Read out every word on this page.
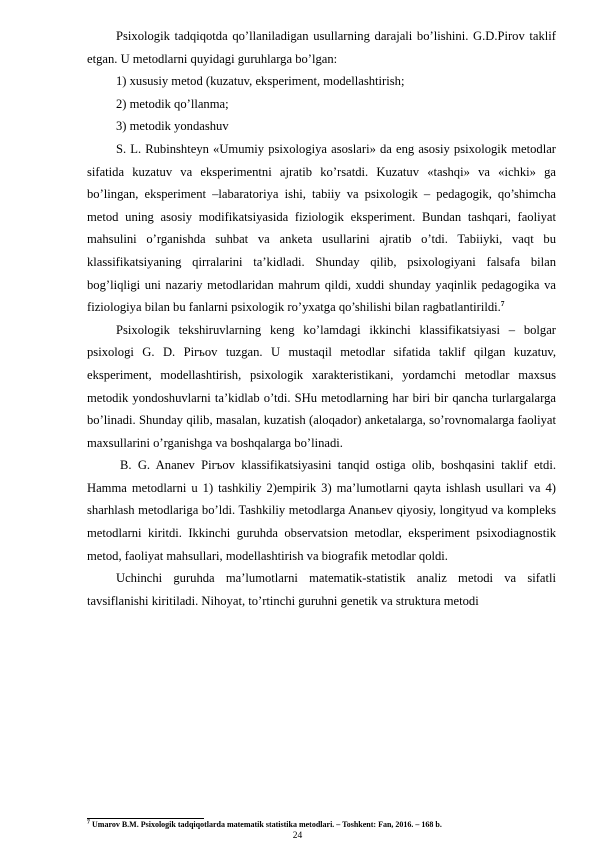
Psixologik tadqiqotda qo’llaniladigan usullarning darajali bo’lishini. G.D.Pirov taklif etgan. U metodlarni quyidagi guruhlarga bo’lgan:

1) xususiy metod (kuzatuv, eksperiment, modellashtirish;

2) metodik qo’llanma;

3) metodik yondashuv

S. L. Rubinshteyn «Umumiy psixologiya asoslari» da eng asosiy psixologik metodlar sifatida kuzatuv va eksperimentni ajratib ko’rsatdi. Kuzatuv «tashqi» va «ichki» ga bo’lingan, eksperiment –labaratoriya ishi, tabiiy va psixologik – pedagogik, qo’shimcha metod uning asosiy modifikatsiyasida fiziologik eksperiment. Bundan tashqari, faoliyat mahsulini o’rganishda suhbat va anketa usullarini ajratib o’tdi. Tabiiyki, vaqt bu klassifikatsiyaning qirralarini ta’kidladi. Shunday qilib, psixologiyani falsafa bilan bog’liqligi uni nazariy metodlaridan mahrum qildi, xuddi shunday yaqinlik pedagogika va fiziologiya bilan bu fanlarni psixologik ro’yxatga qo’shilishi bilan ragbatlantirildi.$^7$

Psixologik tekshiruvlarning keng ko’lamdagi ikkinchi klassifikatsiyasi – bolgar psixologi G. D. Pirъov tuzgan. U mustaqil metodlar sifatida taklif qilgan kuzatuv, eksperiment, modellashtirish, psixologik xarakteristikani, yordamchi metodlar maxsus metodik yondoshuvlarni ta’kidlab o’tdi. SHu metodlarning har biri bir qancha turlargalarga bo’linadi. Shunday qilib, masalan, kuzatish (aloqador) anketalarga, so’rovnomalarga faoliyat maxsullarini o’rganishga va boshqalarga bo’linadi.

B. G. Ananev Pirъov klassifikatsiyasini tanqid ostiga olib, boshqasini taklif etdi. Hamma metodlarni u 1) tashkiliy 2)empirik 3) ma’lumotlarni qayta ishlash usullari va 4) sharhlash metodlariga bo’ldi. Tashkiliy metodlarga Ananьev qiyosiy, longityud va kompleks metodlarni kiritdi. Ikkinchi guruhda observatsion metodlar, eksperiment psixodiagnostik metod, faoliyat mahsullari, modellashtirish va biografik metodlar qoldi.

Uchinchi guruhda ma’lumotlarni matematik-statistik analiz metodi va sifatli tavsiflanishi kiritiladi. Nihoyat, to’rtinchi guruhni genetik va struktura metodi

$^7$ Umarov B.M. Psixologik tadqiqotlarda matematik statistika metodlari. – Toshkent: Fan, 2016. – 168 b.
24
